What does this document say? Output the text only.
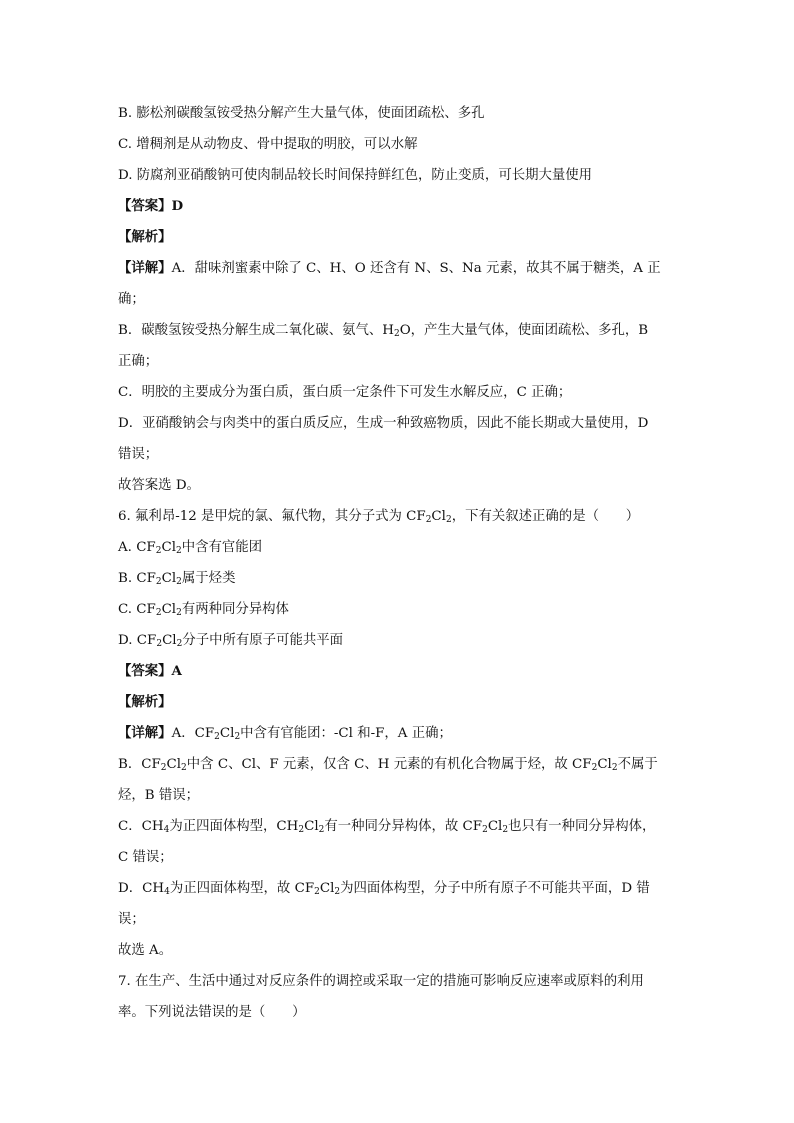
B. 膨松剂碳酸氢铵受热分解产生大量气体，使面团疏松、多孔
C. 增稠剂是从动物皮、骨中提取的明胶，可以水解
D. 防腐剂亚硝酸钠可使肉制品较长时间保持鲜红色，防止变质，可长期大量使用
【答案】D
【解析】
【详解】A．甜味剂蜜素中除了 C、H、O 还含有 N、S、Na 元素，故其不属于糖类，A 正
确；
B．碳酸氢铵受热分解生成二氧化碳、氨气、$H_2O$，产生大量气体，使面团疏松、多孔，B
正确；
C．明胶的主要成分为蛋白质，蛋白质一定条件下可发生水解反应，C 正确；
D．亚硝酸钠会与肉类中的蛋白质反应，生成一种致癌物质，因此不能长期或大量使用，D
错误；
故答案选 D。
6. 氟利昂-12 是甲烷的氯、氟代物，其分子式为 $CF_2Cl_2$，下有关叙述正确的是（　　）
A. $CF_2Cl_2$中含有官能团
B. $CF_2Cl_2$属于烃类
C. $CF_2Cl_2$有两种同分异构体
D. $CF_2Cl_2$分子中所有原子可能共平面
【答案】A
【解析】
【详解】A．$CF_2Cl_2$中含有官能团：-Cl 和-F，A 正确；
B．$CF_2Cl_2$中含 C、Cl、F 元素，仅含 C、H 元素的有机化合物属于烃，故 $CF_2Cl_2$不属于
烃，B 错误；
C．$CH_4$为正四面体构型，$CH_2Cl_2$有一种同分异构体，故 $CF_2Cl_2$也只有一种同分异构体，
C 错误；
D．$CH_4$为正四面体构型，故 $CF_2Cl_2$为四面体构型，分子中所有原子不可能共平面，D 错
误；
故选 A。
7. 在生产、生活中通过对反应条件的调控或采取一定的措施可影响反应速率或原料的利用
率。下列说法错误的是（　　）
